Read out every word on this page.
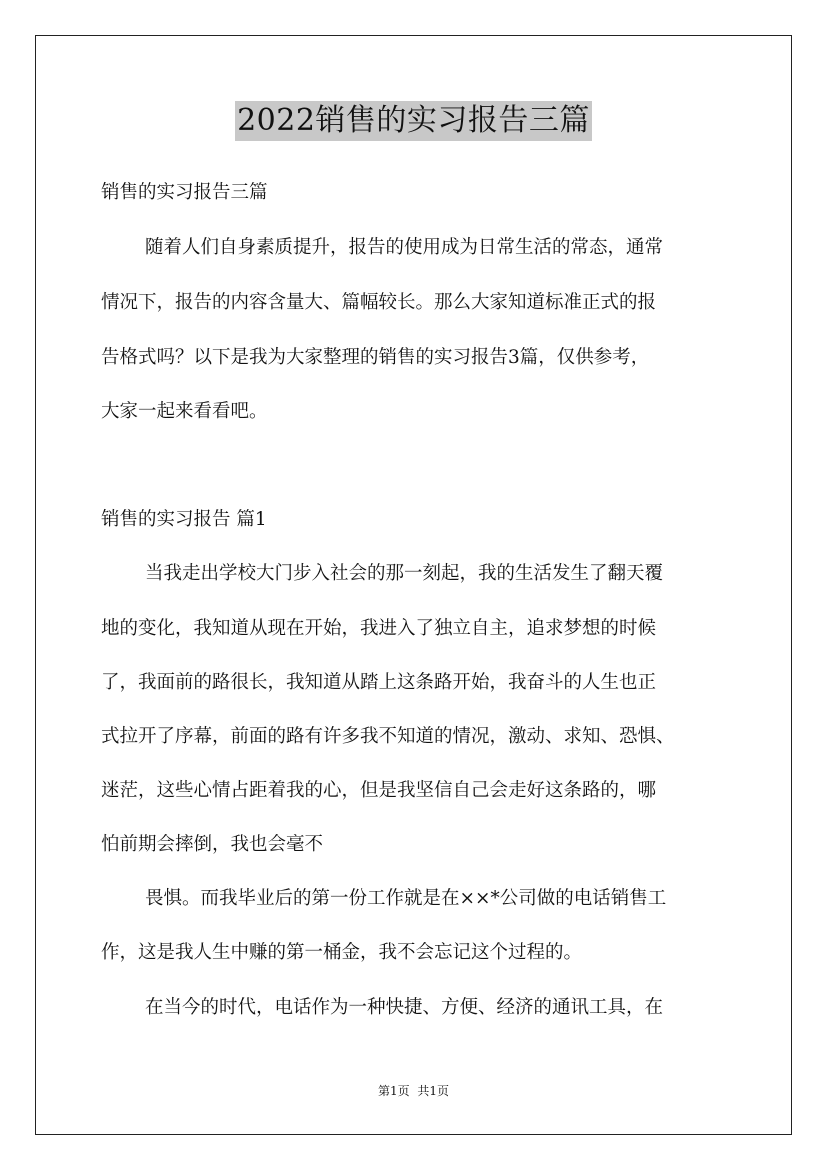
2022销售的实习报告三篇
销售的实习报告三篇
随着人们自身素质提升，报告的使用成为日常生活的常态，通常
情况下，报告的内容含量大、篇幅较长。那么大家知道标准正式的报
告格式吗？以下是我为大家整理的销售的实习报告3篇，仅供参考，
大家一起来看看吧。
销售的实习报告 篇1
当我走出学校大门步入社会的那一刻起，我的生活发生了翻天覆
地的变化，我知道从现在开始，我进入了独立自主，追求梦想的时候
了，我面前的路很长，我知道从踏上这条路开始，我奋斗的人生也正
式拉开了序幕，前面的路有许多我不知道的情况，激动、求知、恐惧、
迷茫，这些心情占距着我的心，但是我坚信自己会走好这条路的，哪
怕前期会摔倒，我也会毫不
畏惧。而我毕业后的第一份工作就是在××*公司做的电话销售工
作，这是我人生中赚的第一桶金，我不会忘记这个过程的。
在当今的时代，电话作为一种快捷、方便、经济的通讯工具，在
第1页 共1页
